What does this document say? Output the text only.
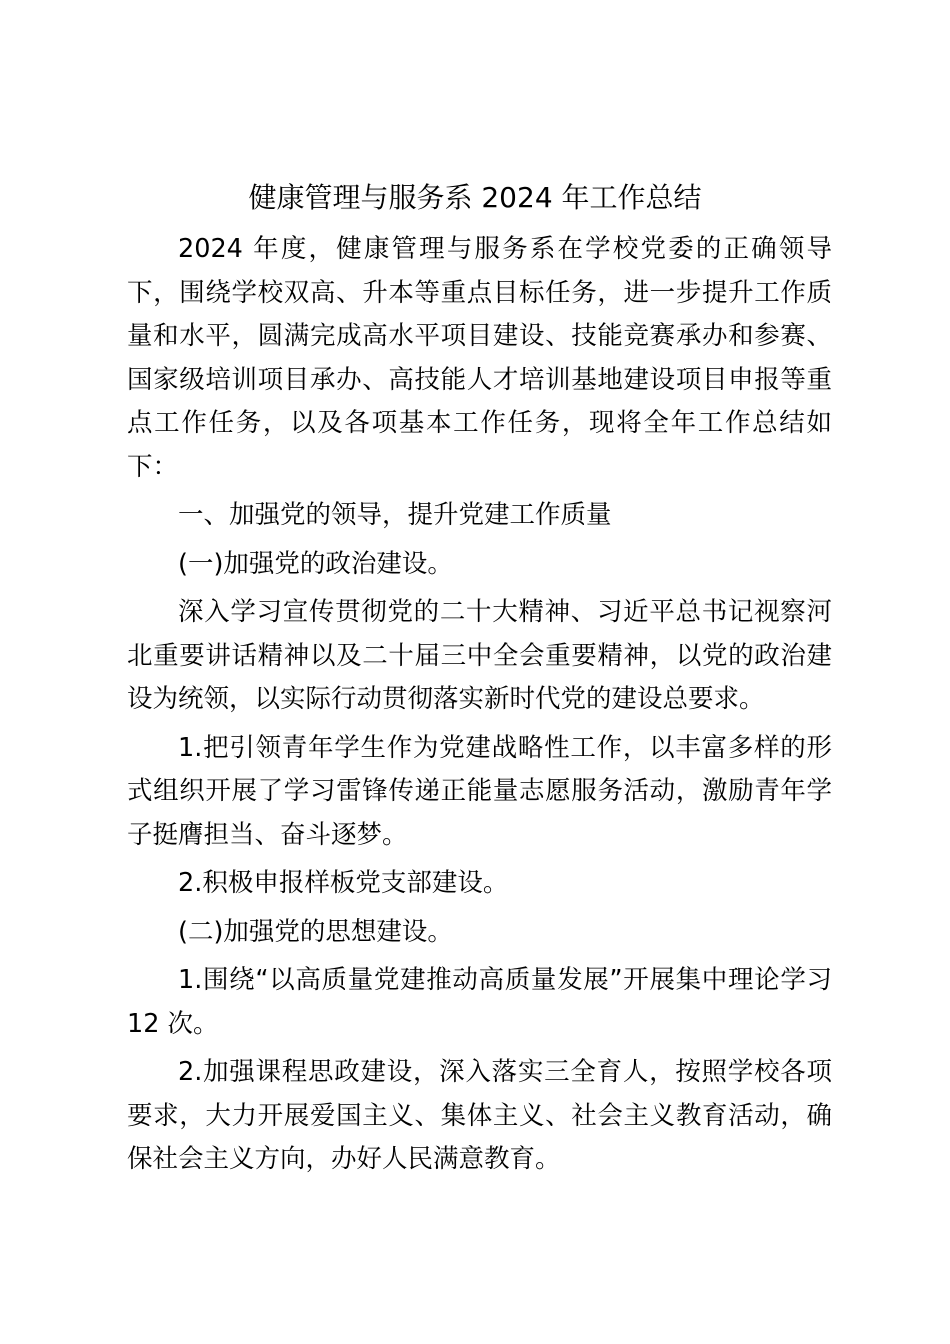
健康管理与服务系 2024 年工作总结

2024 年度，健康管理与服务系在学校党委的正确领导下，围绕学校双高、升本等重点目标任务，进一步提升工作质量和水平，圆满完成高水平项目建设、技能竞赛承办和参赛、国家级培训项目承办、高技能人才培训基地建设项目申报等重点工作任务，以及各项基本工作任务，现将全年工作总结如下：

一、加强党的领导，提升党建工作质量

(一)加强党的政治建设。

深入学习宣传贯彻党的二十大精神、习近平总书记视察河北重要讲话精神以及二十届三中全会重要精神，以党的政治建设为统领，以实际行动贯彻落实新时代党的建设总要求。

1.把引领青年学生作为党建战略性工作，以丰富多样的形式组织开展了学习雷锋传递正能量志愿服务活动，激励青年学子挺膺担当、奋斗逐梦。

2.积极申报样板党支部建设。

(二)加强党的思想建设。

1.围绕“以高质量党建推动高质量发展”开展集中理论学习 12 次。

2.加强课程思政建设，深入落实三全育人，按照学校各项要求，大力开展爱国主义、集体主义、社会主义教育活动，确保社会主义方向，办好人民满意教育。
